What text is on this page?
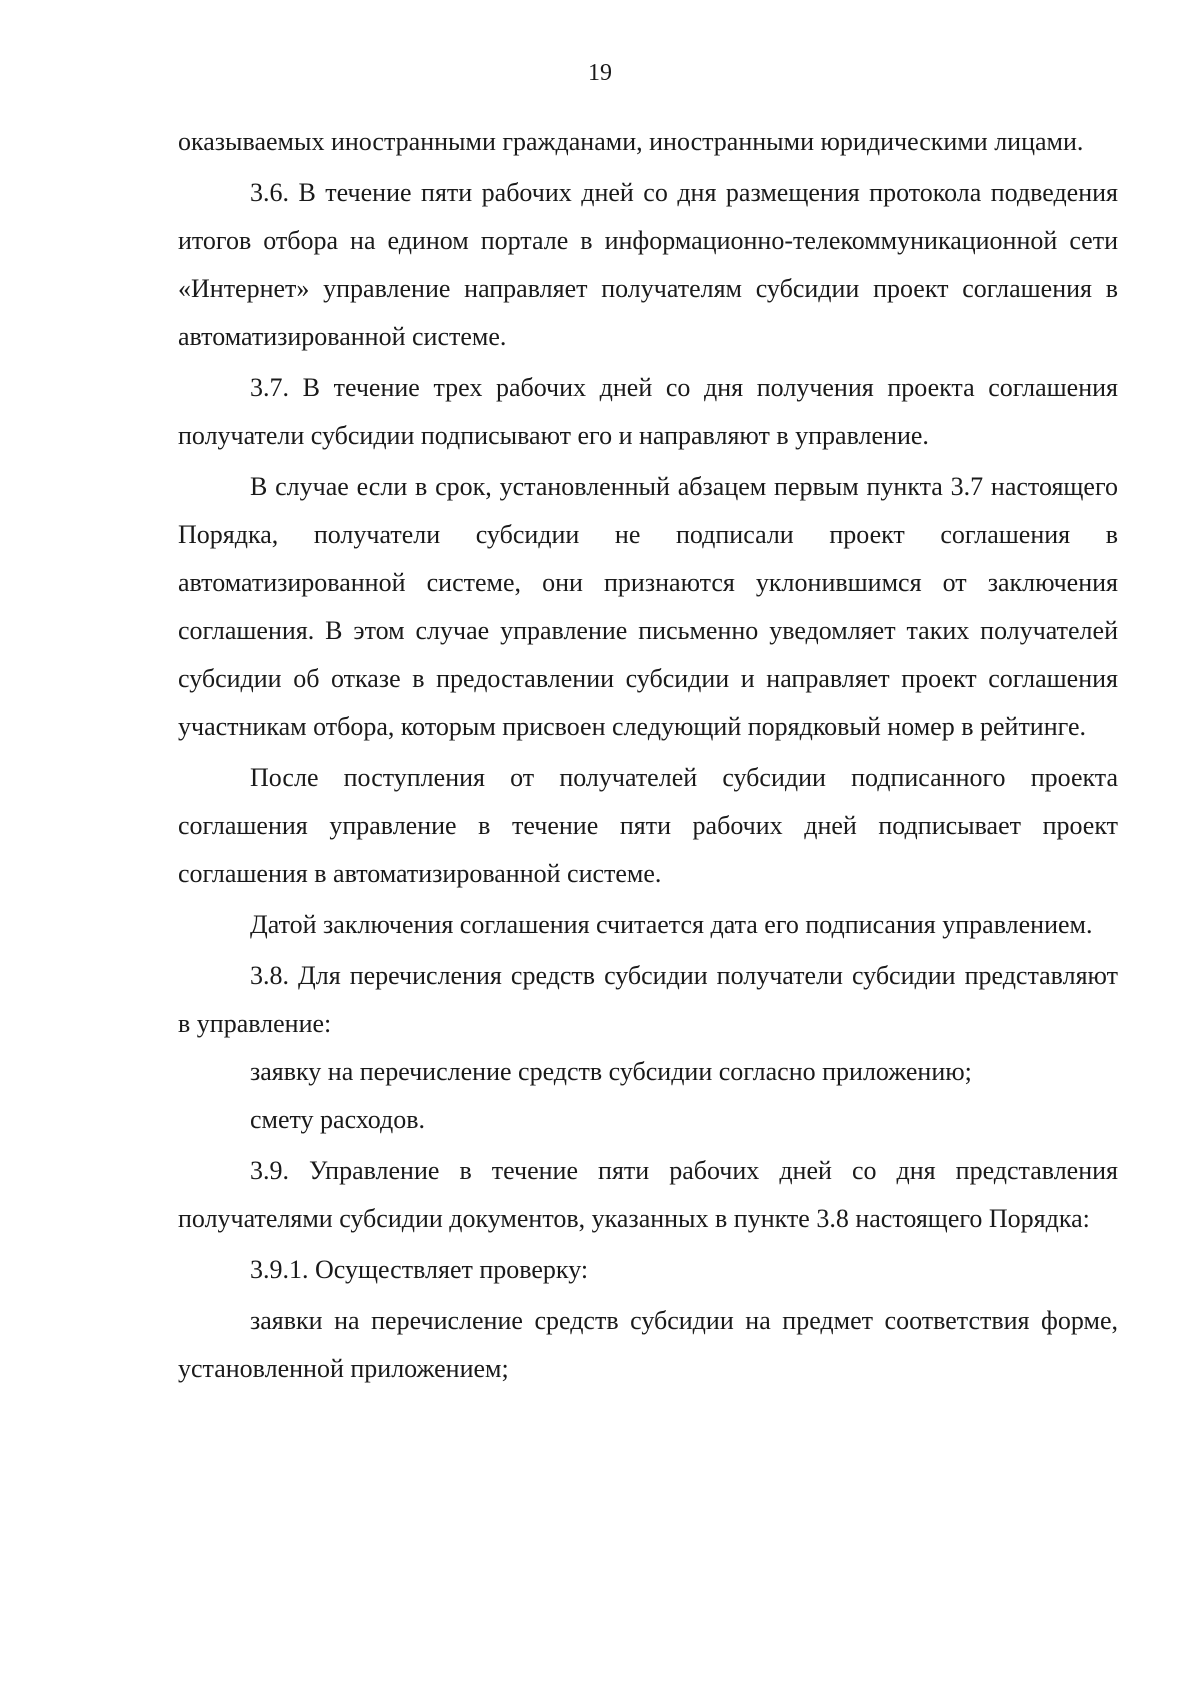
19

оказываемых иностранными гражданами, иностранными юридическими лицами.

3.6. В течение пяти рабочих дней со дня размещения протокола подведения итогов отбора на едином портале в информационно-телекоммуникационной сети «Интернет» управление направляет получателям субсидии проект соглашения в автоматизированной системе.

3.7. В течение трех рабочих дней со дня получения проекта соглашения получатели субсидии подписывают его и направляют в управление.

В случае если в срок, установленный абзацем первым пункта 3.7 настоящего Порядка, получатели субсидии не подписали проект соглашения в автоматизированной системе, они признаются уклонившимся от заключения соглашения. В этом случае управление письменно уведомляет таких получателей субсидии об отказе в предоставлении субсидии и направляет проект соглашения участникам отбора, которым присвоен следующий порядковый номер в рейтинге.

После поступления от получателей субсидии подписанного проекта соглашения управление в течение пяти рабочих дней подписывает проект соглашения в автоматизированной системе.

Датой заключения соглашения считается дата его подписания управлением.

3.8. Для перечисления средств субсидии получатели субсидии представляют в управление:

заявку на перечисление средств субсидии согласно приложению;

смету расходов.

3.9. Управление в течение пяти рабочих дней со дня представления получателями субсидии документов, указанных в пункте 3.8 настоящего Порядка:

3.9.1. Осуществляет проверку:

заявки на перечисление средств субсидии на предмет соответствия форме, установленной приложением;
